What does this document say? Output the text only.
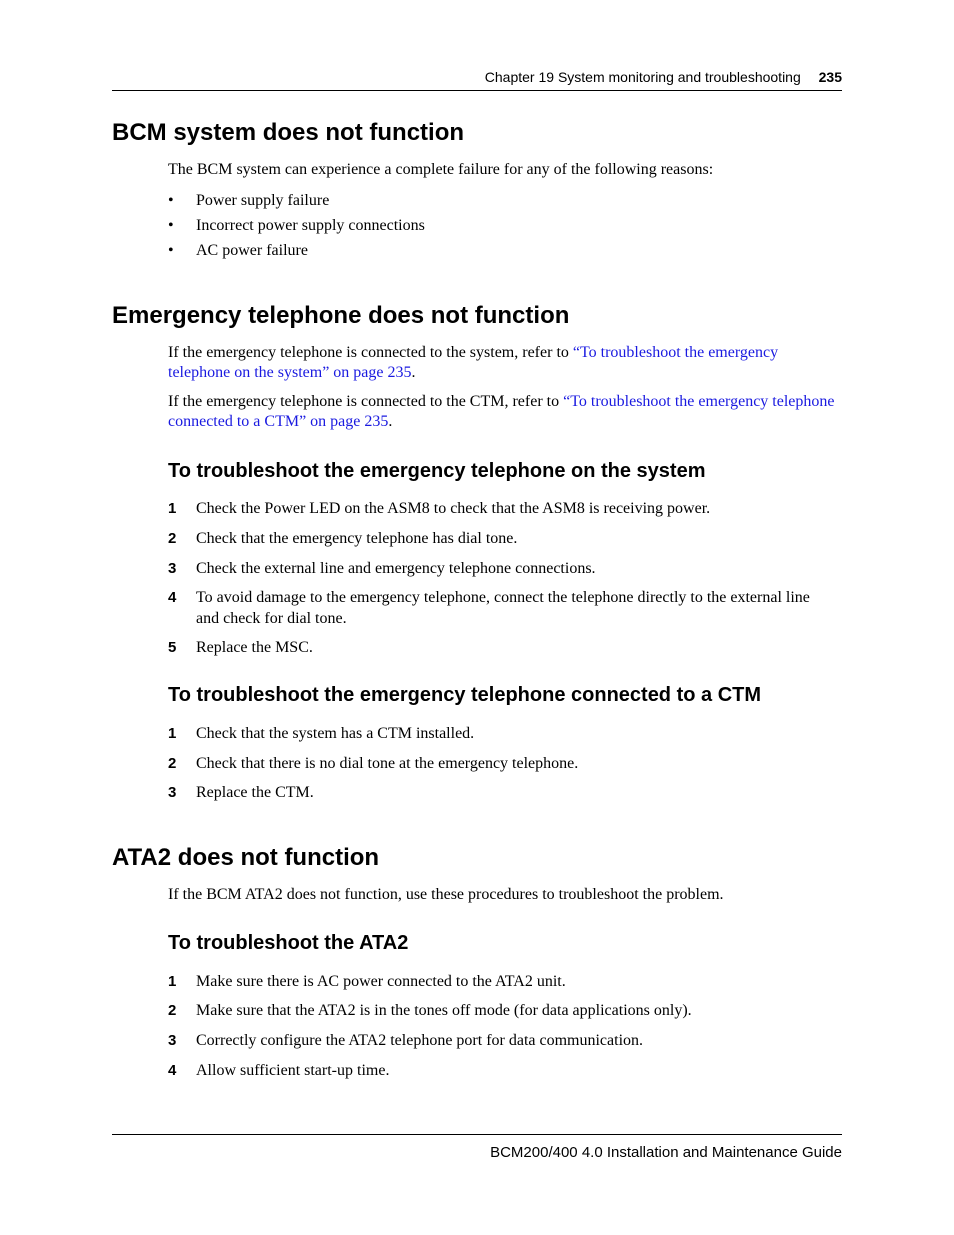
Chapter 19 System monitoring and troubleshooting 235
BCM system does not function

The BCM system can experience a complete failure for any of the following reasons:

• Power supply failure
• Incorrect power supply connections
• AC power failure
Emergency telephone does not function

If the emergency telephone is connected to the system, refer to “To troubleshoot the emergency telephone on the system” on page 235.

If the emergency telephone is connected to the CTM, refer to “To troubleshoot the emergency telephone connected to a CTM” on page 235.

To troubleshoot the emergency telephone on the system
1 Check the Power LED on the ASM8 to check that the ASM8 is receiving power.
2 Check that the emergency telephone has dial tone.
3 Check the external line and emergency telephone connections.
4 To avoid damage to the emergency telephone, connect the telephone directly to the external line and check for dial tone.
5 Replace the MSC.
To troubleshoot the emergency telephone connected to a CTM
1 Check that the system has a CTM installed.
2 Check that there is no dial tone at the emergency telephone.
3 Replace the CTM.
ATA2 does not function

If the BCM ATA2 does not function, use these procedures to troubleshoot the problem.

To troubleshoot the ATA2
1 Make sure there is AC power connected to the ATA2 unit.
2 Make sure that the ATA2 is in the tones off mode (for data applications only).
3 Correctly configure the ATA2 telephone port for data communication.
4 Allow sufficient start-up time.
BCM200/400 4.0 Installation and Maintenance Guide
